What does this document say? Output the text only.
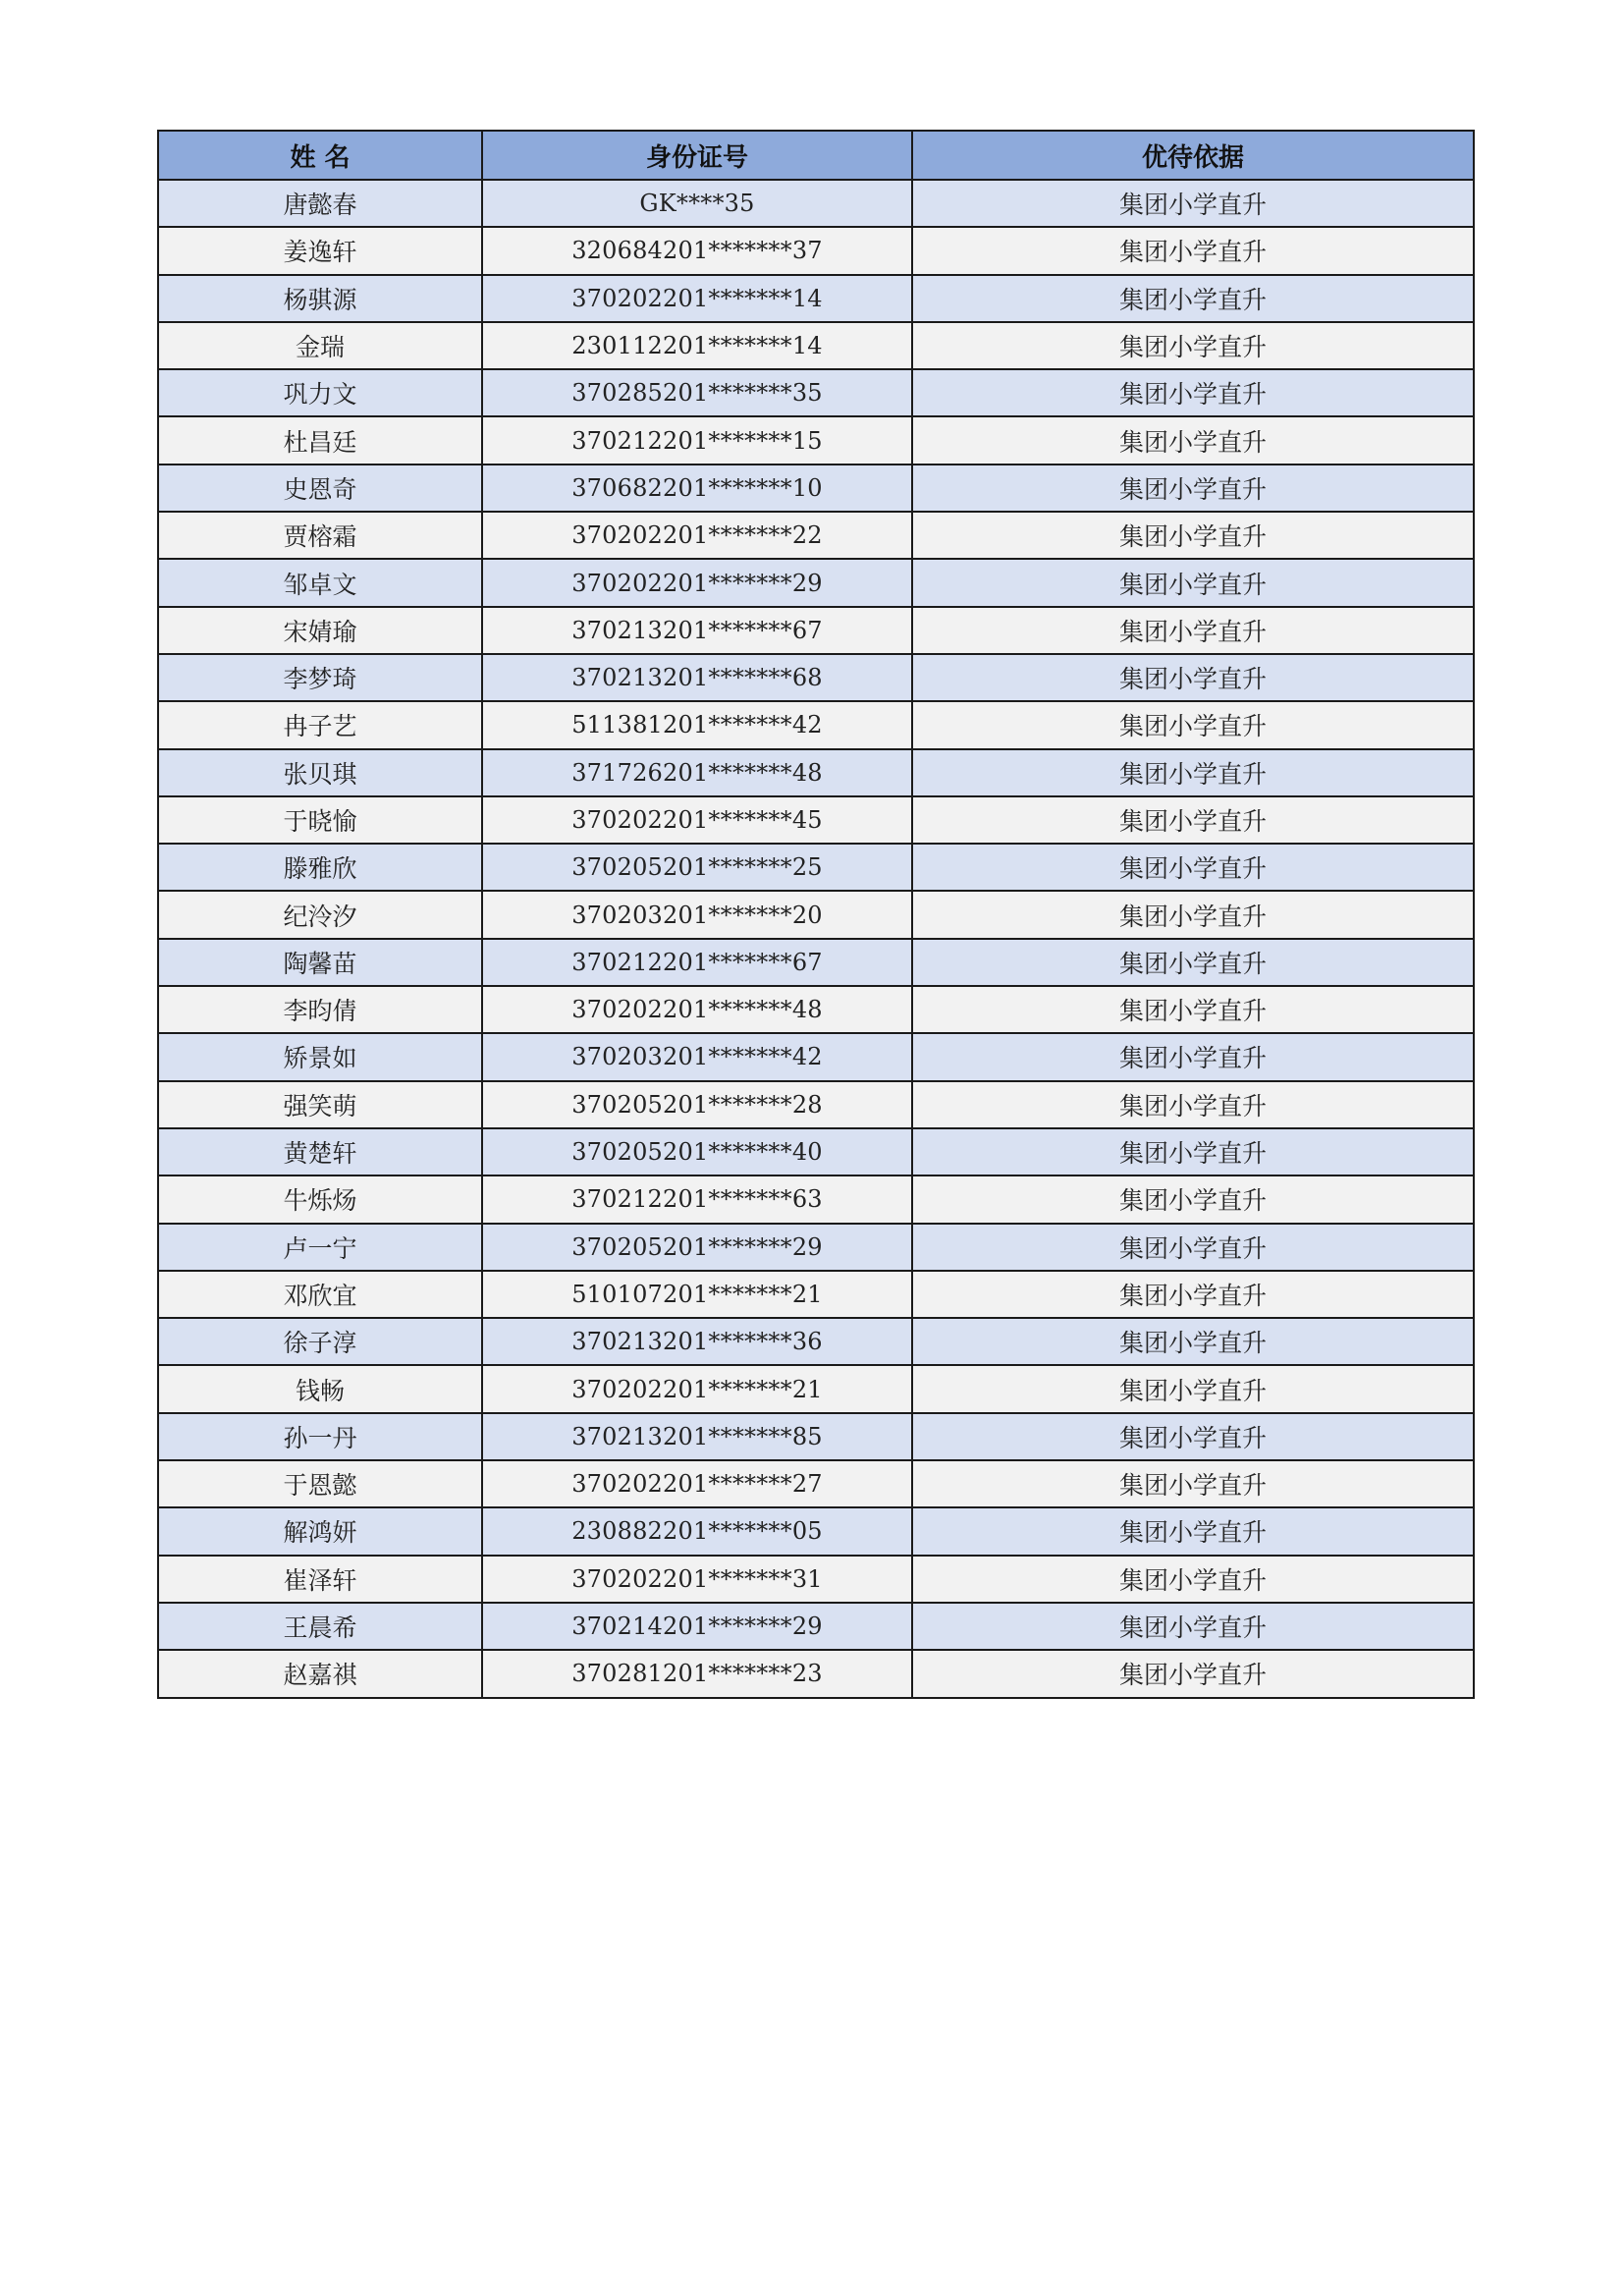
姓 名	身份证号	优待依据
唐懿春	GK****35	集团小学直升
姜逸轩	320684201*******37	集团小学直升
杨骐源	370202201*******14	集团小学直升
金瑞	230112201*******14	集团小学直升
巩力文	370285201*******35	集团小学直升
杜昌廷	370212201*******15	集团小学直升
史恩奇	370682201*******10	集团小学直升
贾榕霜	370202201*******22	集团小学直升
邹卓文	370202201*******29	集团小学直升
宋婧瑜	370213201*******67	集团小学直升
李梦琦	370213201*******68	集团小学直升
冉子艺	511381201*******42	集团小学直升
张贝琪	371726201*******48	集团小学直升
于晓愉	370202201*******45	集团小学直升
滕雅欣	370205201*******25	集团小学直升
纪泠汐	370203201*******20	集团小学直升
陶馨苗	370212201*******67	集团小学直升
李昀倩	370202201*******48	集团小学直升
矫景如	370203201*******42	集团小学直升
强笑萌	370205201*******28	集团小学直升
黄楚轩	370205201*******40	集团小学直升
牛烁炀	370212201*******63	集团小学直升
卢一宁	370205201*******29	集团小学直升
邓欣宜	510107201*******21	集团小学直升
徐子淳	370213201*******36	集团小学直升
钱畅	370202201*******21	集团小学直升
孙一丹	370213201*******85	集团小学直升
于恩懿	370202201*******27	集团小学直升
解鸿妍	230882201*******05	集团小学直升
崔泽轩	370202201*******31	集团小学直升
王晨希	370214201*******29	集团小学直升
赵嘉祺	370281201*******23	集团小学直升
